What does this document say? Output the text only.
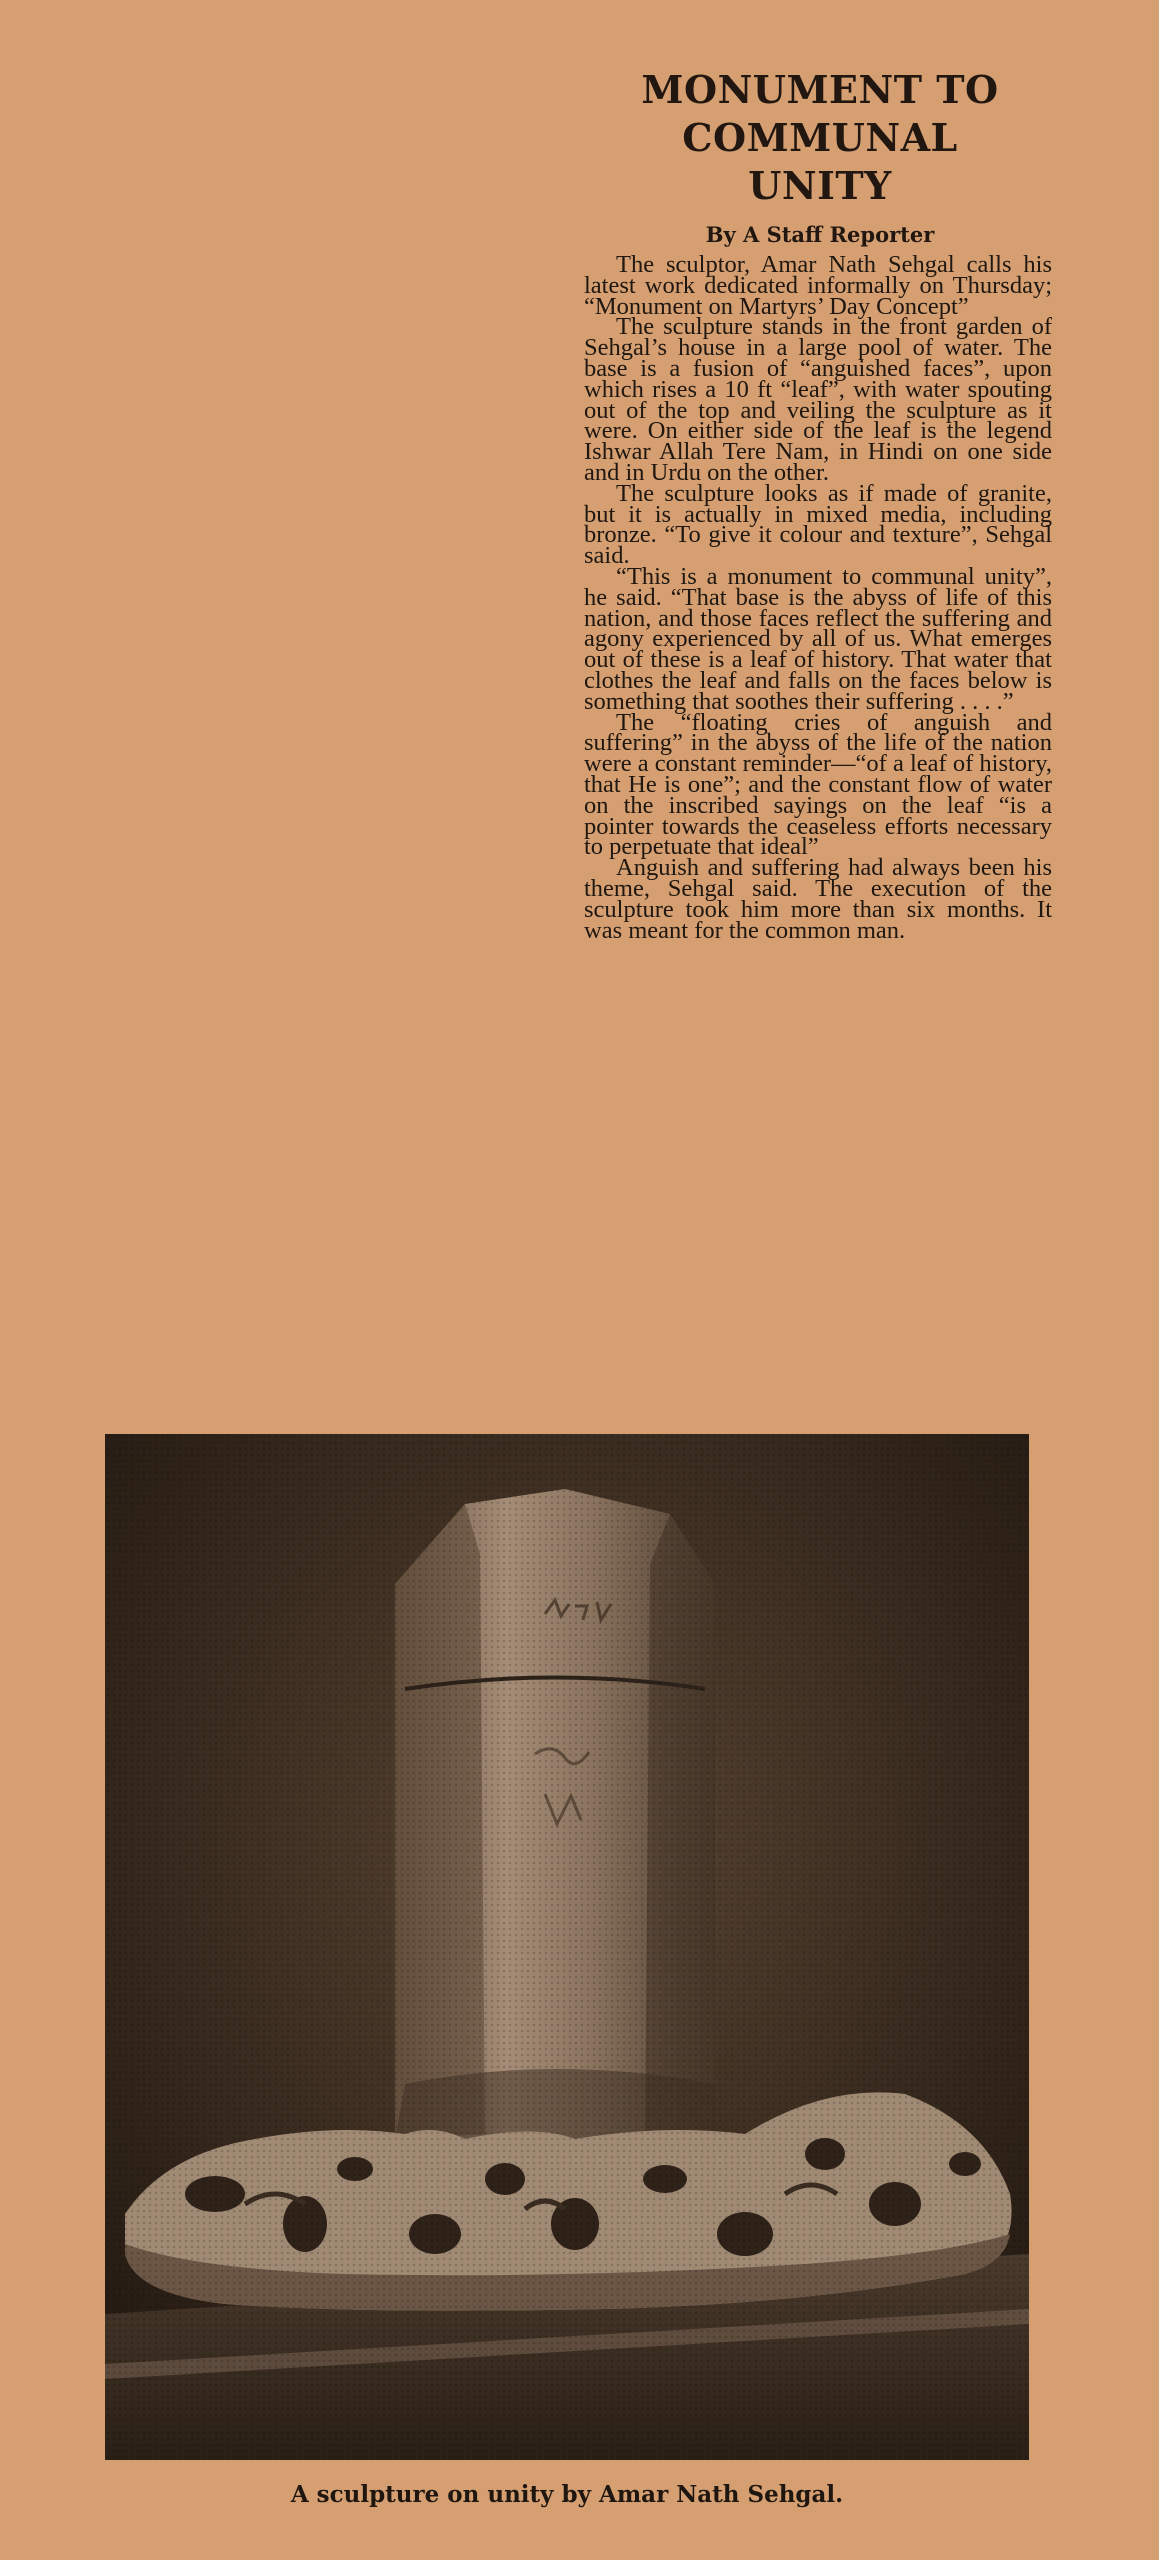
MONUMENT TO
COMMUNAL
UNITY
By A Staff Reporter

The sculptor, Amar Nath Sehgal calls his latest work dedicated informally on Thursday; “Monument on Martyrs’ Day Concept”

The sculpture stands in the front garden of Sehgal’s house in a large pool of water. The base is a fusion of “anguished faces”, upon which rises a 10 ft “leaf”, with water spouting out of the top and veiling the sculpture as it were. On either side of the leaf is the legend Ishwar Allah Tere Nam, in Hindi on one side and in Urdu on the other.

The sculpture looks as if made of granite, but it is actually in mixed media, including bronze. “To give it colour and texture”, Sehgal said.

“This is a monument to communal unity”, he said. “That base is the abyss of life of this nation, and those faces reflect the suffering and agony experienced by all of us. What emerges out of these is a leaf of history. That water that clothes the leaf and falls on the faces below is something that soothes their suffering . . . .”

The “floating cries of anguish and suffering” in the abyss of the life of the nation were a constant reminder—“of a leaf of history, that He is one”; and the constant flow of water on the inscribed sayings on the leaf “is a pointer towards the ceaseless efforts necessary to perpetuate that ideal”

Anguish and suffering had always been his theme, Sehgal said. The execution of the sculpture took him more than six months. It was meant for the common man.

A sculpture on unity by Amar Nath Sehgal.
